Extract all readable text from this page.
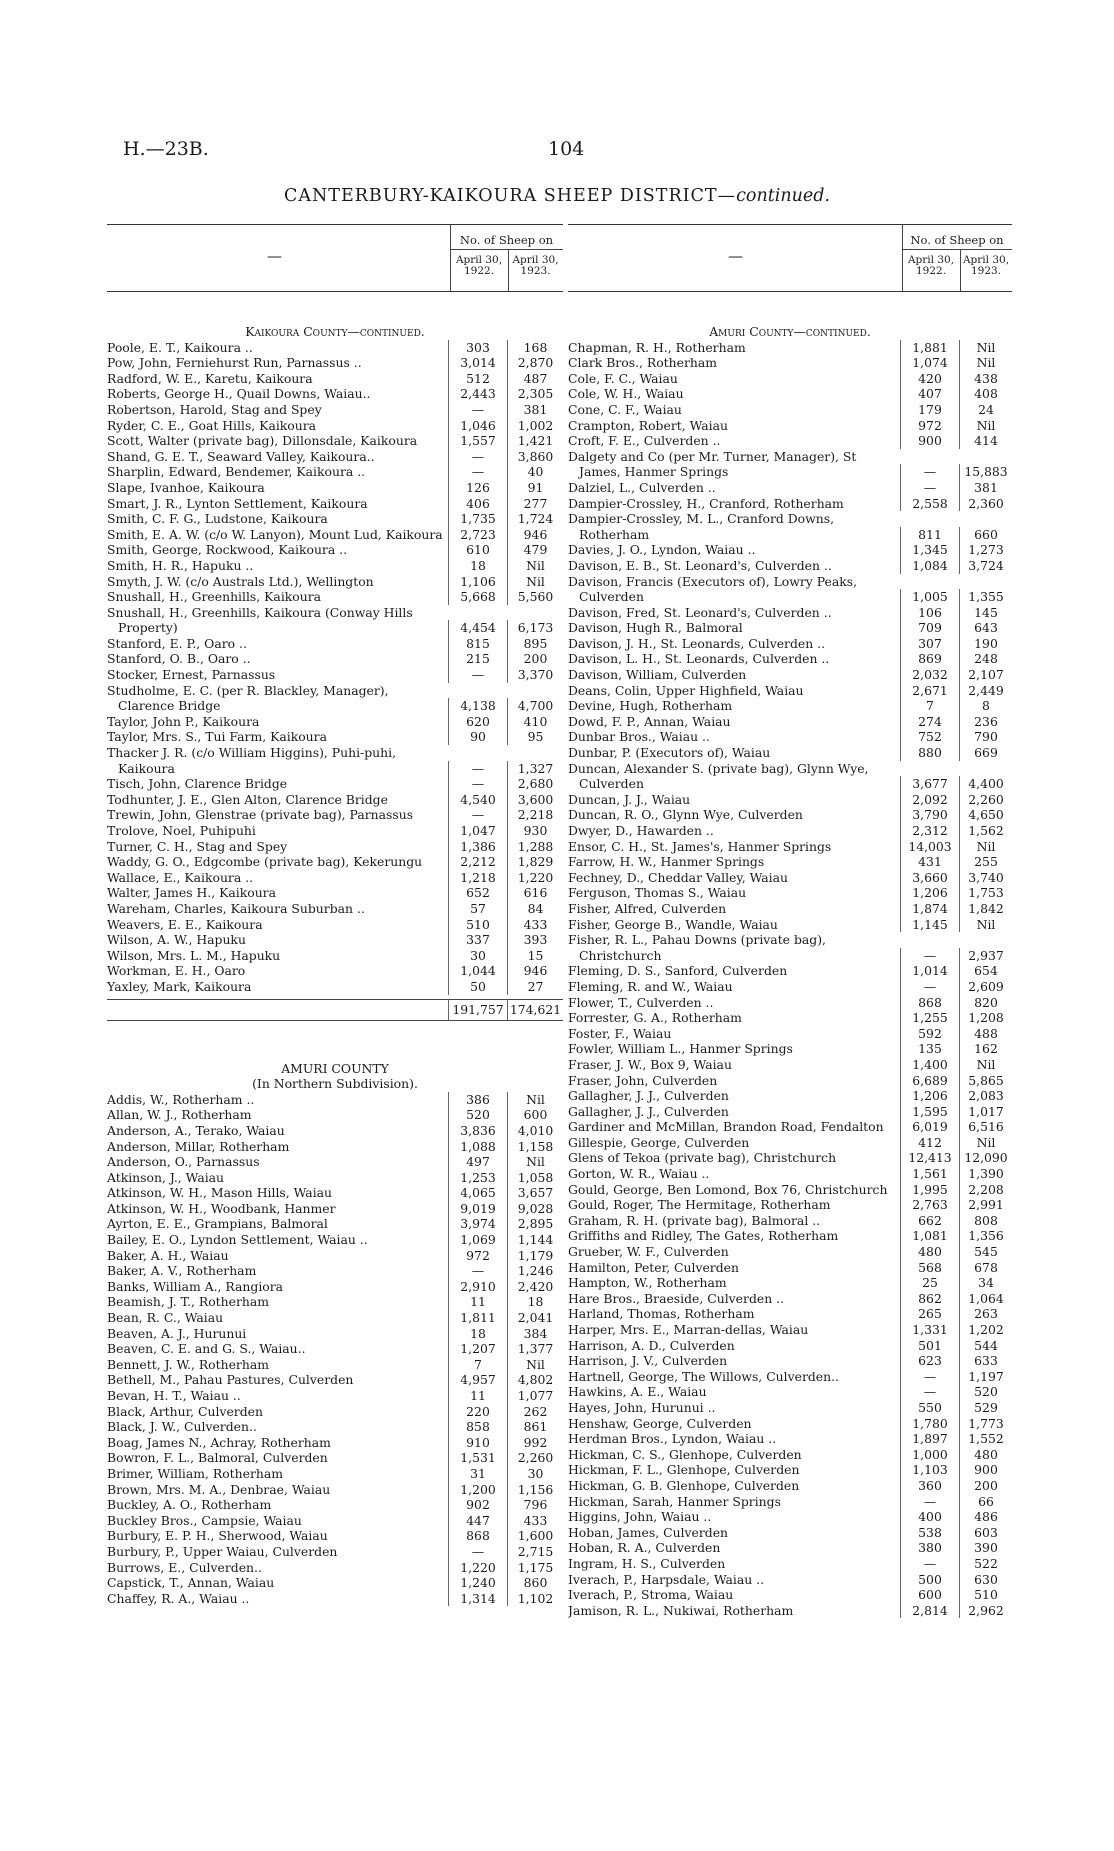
H.—23B.	104
CANTERBURY-KAIKOURA SHEEP DISTRICT—continued.
—
No. of Sheep on
April 30,
1922.
April 30,
1923.
Kaikoura County—continued.
Poole, E. T., Kaikoura ..	303	168
Pow, John, Ferniehurst Run, Parnassus ..	3,014	2,870
Radford, W. E., Karetu, Kaikoura	512	487
Roberts, George H., Quail Downs, Waiau..	2,443	2,305
Robertson, Harold, Stag and Spey	—	381
Ryder, C. E., Goat Hills, Kaikoura	1,046	1,002
Scott, Walter (private bag), Dillonsdale, Kaikoura	1,557	1,421
Shand, G. E. T., Seaward Valley, Kaikoura..	—	3,860
Sharplin, Edward, Bendemer, Kaikoura ..	—	40
Slape, Ivanhoe, Kaikoura	126	91
Smart, J. R., Lynton Settlement, Kaikoura	406	277
Smith, C. F. G., Ludstone, Kaikoura	1,735	1,724
Smith, E. A. W. (c/o W. Lanyon), Mount Lud, Kaikoura	2,723	946
Smith, George, Rockwood, Kaikoura ..	610	479
Smith, H. R., Hapuku ..	18	Nil
Smyth, J. W. (c/o Australs Ltd.), Wellington	1,106	Nil
Snushall, H., Greenhills, Kaikoura	5,668	5,560
Snushall, H., Greenhills, Kaikoura (Conway Hills Property)	4,454	6,173
Stanford, E. P., Oaro ..	815	895
Stanford, O. B., Oaro ..	215	200
Stocker, Ernest, Parnassus	—	3,370
Studholme, E. C. (per R. Blackley, Manager), Clarence Bridge	4,138	4,700
Taylor, John P., Kaikoura	620	410
Taylor, Mrs. S., Tui Farm, Kaikoura	90	95
Thacker J. R. (c/o William Higgins), Puhi-puhi, Kaikoura	—	1,327
Tisch, John, Clarence Bridge	—	2,680
Todhunter, J. E., Glen Alton, Clarence Bridge	4,540	3,600
Trewin, John, Glenstrae (private bag), Parnassus	—	2,218
Trolove, Noel, Puhipuhi	1,047	930
Turner, C. H., Stag and Spey	1,386	1,288
Waddy, G. O., Edgcombe (private bag), Kekerungu	2,212	1,829
Wallace, E., Kaikoura ..	1,218	1,220
Walter, James H., Kaikoura	652	616
Wareham, Charles, Kaikoura Suburban ..	57	84
Weavers, E. E., Kaikoura	510	433
Wilson, A. W., Hapuku	337	393
Wilson, Mrs. L. M., Hapuku	30	15
Workman, E. H., Oaro	1,044	946
Yaxley, Mark, Kaikoura	50	27
191,757 174,621
AMURI COUNTY
(In Northern Subdivision).
Addis, W., Rotherham ..	386	Nil
Allan, W. J., Rotherham	520	600
Anderson, A., Terako, Waiau	3,836	4,010
Anderson, Millar, Rotherham	1,088	1,158
Anderson, O., Parnassus	497	Nil
Atkinson, J., Waiau	1,253	1,058
Atkinson, W. H., Mason Hills, Waiau	4,065	3,657
Atkinson, W. H., Woodbank, Hanmer	9,019	9,028
Ayrton, E. E., Grampians, Balmoral	3,974	2,895
Bailey, E. O., Lyndon Settlement, Waiau ..	1,069	1,144
Baker, A. H., Waiau	972	1,179
Baker, A. V., Rotherham	—	1,246
Banks, William A., Rangiora	2,910	2,420
Beamish, J. T., Rotherham	11	18
Bean, R. C., Waiau	1,811	2,041
Beaven, A. J., Hurunui	18	384
Beaven, C. E. and G. S., Waiau..	1,207	1,377
Bennett, J. W., Rotherham	7	Nil
Bethell, M., Pahau Pastures, Culverden	4,957	4,802
Bevan, H. T., Waiau ..	11	1,077
Black, Arthur, Culverden	220	262
Black, J. W., Culverden..	858	861
Boag, James N., Achray, Rotherham	910	992
Bowron, F. L., Balmoral, Culverden	1,531	2,260
Brimer, William, Rotherham	31	30
Brown, Mrs. M. A., Denbrae, Waiau	1,200	1,156
Buckley, A. O., Rotherham	902	796
Buckley Bros., Campsie, Waiau	447	433
Burbury, E. P. H., Sherwood, Waiau	868	1,600
Burbury, P., Upper Waiau, Culverden	—	2,715
Burrows, E., Culverden..	1,220	1,175
Capstick, T., Annan, Waiau	1,240	860
Chaffey, R. A., Waiau ..	1,314	1,102
—
No. of Sheep on
April 30,
1922.
April 30,
1923.
Amuri County—continued.
Chapman, R. H., Rotherham	1,881	Nil
Clark Bros., Rotherham	1,074	Nil
Cole, F. C., Waiau	420	438
Cole, W. H., Waiau	407	408
Cone, C. F., Waiau	179	24
Crampton, Robert, Waiau	972	Nil
Croft, F. E., Culverden ..	900	414
Dalgety and Co (per Mr. Turner, Manager), St James, Hanmer Springs	—	15,883
Dalziel, L., Culverden ..	—	381
Dampier-Crossley, H., Cranford, Rotherham	2,558	2,360
Dampier-Crossley, M. L., Cranford Downs, Rotherham	811	660
Davies, J. O., Lyndon, Waiau ..	1,345	1,273
Davison, E. B., St. Leonard's, Culverden ..	1,084	3,724
Davison, Francis (Executors of), Lowry Peaks, Culverden	1,005	1,355
Davison, Fred, St. Leonard's, Culverden ..	106	145
Davison, Hugh R., Balmoral	709	643
Davison, J. H., St. Leonards, Culverden ..	307	190
Davison, L. H., St. Leonards, Culverden ..	869	248
Davison, William, Culverden	2,032	2,107
Deans, Colin, Upper Highfield, Waiau	2,671	2,449
Devine, Hugh, Rotherham	7	8
Dowd, F. P., Annan, Waiau	274	236
Dunbar Bros., Waiau ..	752	790
Dunbar, P. (Executors of), Waiau	880	669
Duncan, Alexander S. (private bag), Glynn Wye, Culverden	3,677	4,400
Duncan, J. J., Waiau	2,092	2,260
Duncan, R. O., Glynn Wye, Culverden	3,790	4,650
Dwyer, D., Hawarden ..	2,312	1,562
Ensor, C. H., St. James's, Hanmer Springs	14,003	Nil
Farrow, H. W., Hanmer Springs	431	255
Fechney, D., Cheddar Valley, Waiau	3,660	3,740
Ferguson, Thomas S., Waiau	1,206	1,753
Fisher, Alfred, Culverden	1,874	1,842
Fisher, George B., Wandle, Waiau	1,145	Nil
Fisher, R. L., Pahau Downs (private bag), Christchurch	—	2,937
Fleming, D. S., Sanford, Culverden	1,014	654
Fleming, R. and W., Waiau	—	2,609
Flower, T., Culverden ..	868	820
Forrester, G. A., Rotherham	1,255	1,208
Foster, F., Waiau	592	488
Fowler, William L., Hanmer Springs	135	162
Fraser, J. W., Box 9, Waiau	1,400	Nil
Fraser, John, Culverden	6,689	5,865
Gallagher, J. J., Culverden	1,206	2,083
Gallagher, J. J., Culverden	1,595	1,017
Gardiner and McMillan, Brandon Road, Fendalton	6,019	6,516
Gillespie, George, Culverden	412	Nil
Glens of Tekoa (private bag), Christchurch	12,413	12,090
Gorton, W. R., Waiau ..	1,561	1,390
Gould, George, Ben Lomond, Box 76, Christchurch	1,995	2,208
Gould, Roger, The Hermitage, Rotherham	2,763	2,991
Graham, R. H. (private bag), Balmoral ..	662	808
Griffiths and Ridley, The Gates, Rotherham	1,081	1,356
Grueber, W. F., Culverden	480	545
Hamilton, Peter, Culverden	568	678
Hampton, W., Rotherham	25	34
Hare Bros., Braeside, Culverden ..	862	1,064
Harland, Thomas, Rotherham	265	263
Harper, Mrs. E., Marran-dellas, Waiau	1,331	1,202
Harrison, A. D., Culverden	501	544
Harrison, J. V., Culverden	623	633
Hartnell, George, The Willows, Culverden..	—	1,197
Hawkins, A. E., Waiau	—	520
Hayes, John, Hurunui ..	550	529
Henshaw, George, Culverden	1,780	1,773
Herdman Bros., Lyndon, Waiau ..	1,897	1,552
Hickman, C. S., Glenhope, Culverden	1,000	480
Hickman, F. L., Glenhope, Culverden	1,103	900
Hickman, G. B. Glenhope, Culverden	360	200
Hickman, Sarah, Hanmer Springs	—	66
Higgins, John, Waiau ..	400	486
Hoban, James, Culverden	538	603
Hoban, R. A., Culverden	380	390
Ingram, H. S., Culverden	—	522
Iverach, P., Harpsdale, Waiau ..	500	630
Iverach, P., Stroma, Waiau	600	510
Jamison, R. L., Nukiwai, Rotherham	2,814	2,962
